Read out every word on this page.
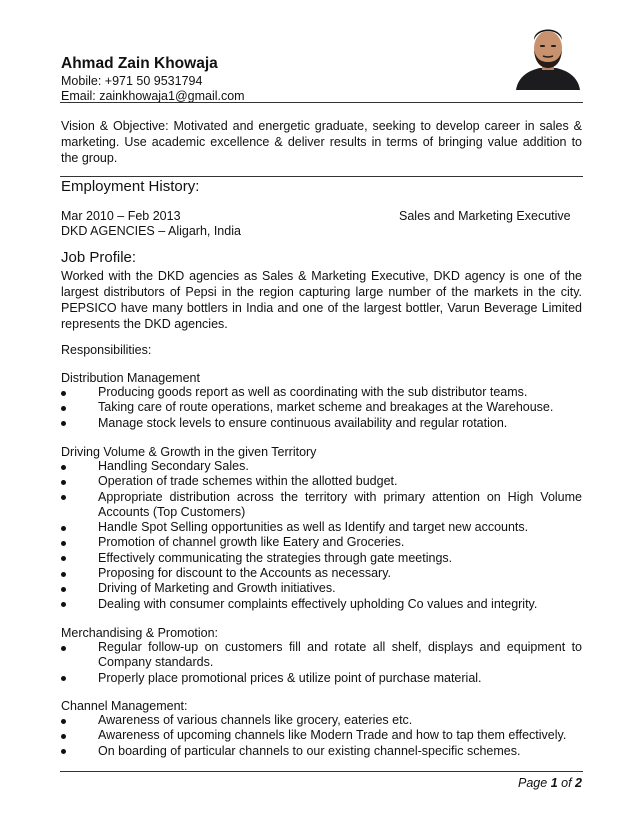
Ahmad Zain Khowaja
Mobile: +971 50 9531794
Email: zainkhowaja1@gmail.com
Vision & Objective: Motivated and energetic graduate, seeking to develop career in sales & marketing. Use academic excellence & deliver results in terms of bringing value addition to the group.
Employment History:
Mar 2010 – Feb 2013	Sales and Marketing Executive
DKD AGENCIES – Aligarh, India
Job Profile:
Worked with the DKD agencies as Sales & Marketing Executive, DKD agency is one of the largest distributors of Pepsi in the region capturing large number of the markets in the city. PEPSICO have many bottlers in India and one of the largest bottler, Varun Beverage Limited represents the DKD agencies.
Responsibilities:
Distribution Management
Producing goods report as well as coordinating with the sub distributor teams.
Taking care of route operations, market scheme and breakages at the Warehouse.
Manage stock levels to ensure continuous availability and regular rotation.
Driving Volume & Growth in the given Territory
Handling Secondary Sales.
Operation of trade schemes within the allotted budget.
Appropriate distribution across the territory with primary attention on High Volume Accounts (Top Customers)
Handle Spot Selling opportunities as well as Identify and target new accounts.
Promotion of channel growth like Eatery and Groceries.
Effectively communicating the strategies through gate meetings.
Proposing for discount to the Accounts as necessary.
Driving of Marketing and Growth initiatives.
Dealing with consumer complaints effectively upholding Co values and integrity.
Merchandising & Promotion:
Regular follow-up on customers fill and rotate all shelf, displays and equipment to Company standards.
Properly place promotional prices & utilize point of purchase material.
Channel Management:
Awareness of various channels like grocery, eateries etc.
Awareness of upcoming channels like Modern Trade and how to tap them effectively.
On boarding of particular channels to our existing channel-specific schemes.
Page 1 of 2
